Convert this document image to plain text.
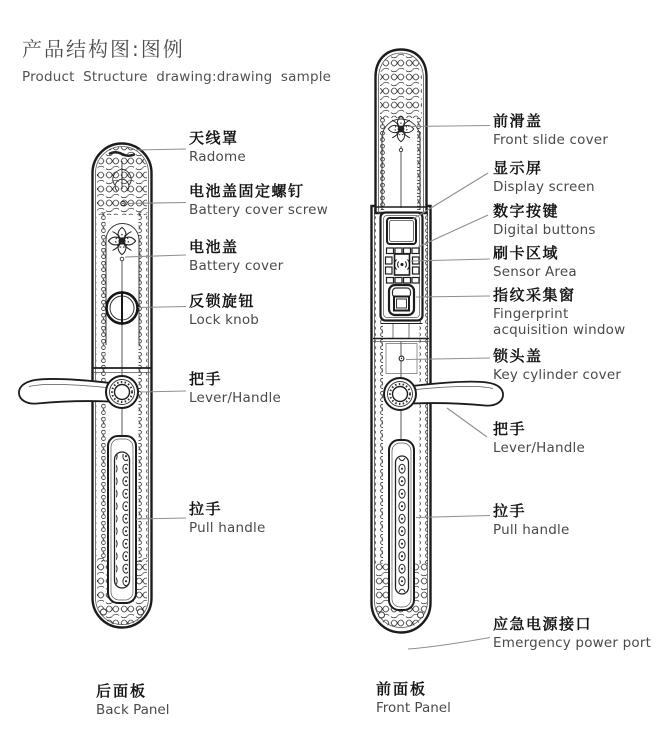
产品结构图:图例
Product Structure drawing:drawing sample
天线罩
Radome
电池盖固定螺钉
Battery cover screw
电池盖
Battery cover
反锁旋钮
Lock knob
把手
Lever/Handle
拉手
Pull handle
前滑盖
Front slide cover
显示屏
Display screen
数字按键
Digital buttons
刷卡区域
Sensor Area
指纹采集窗
Fingerprint acquisition window
锁头盖
Key cylinder cover
把手
Lever/Handle
拉手
Pull handle
应急电源接口
Emergency power port
后面板
Back Panel
前面板
Front Panel
